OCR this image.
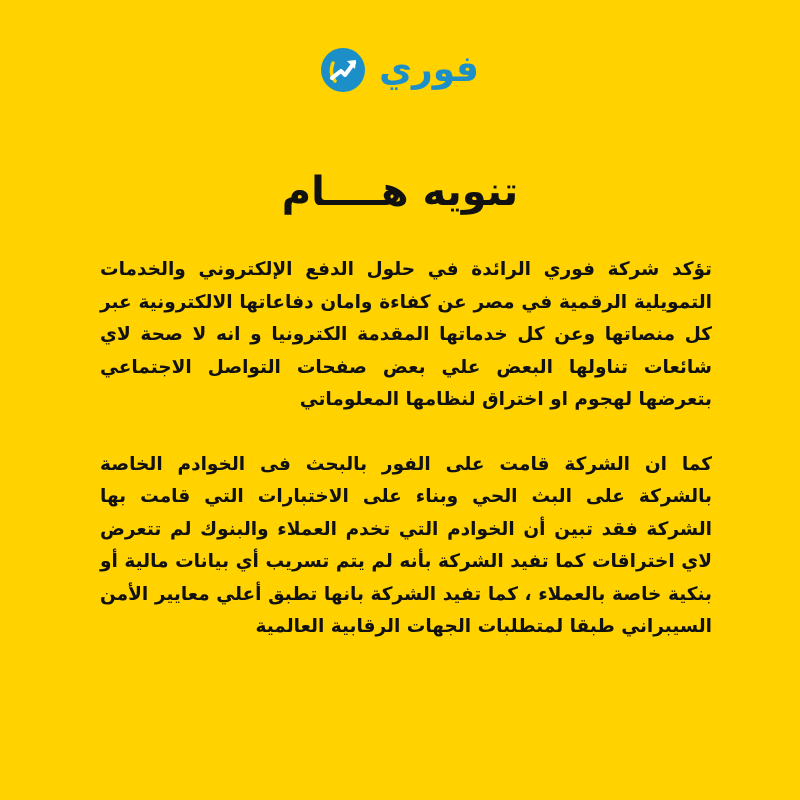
فوري
تنويه هــــام

تؤكد شركة فوري الرائدة في حلول الدفع الإلكتروني والخدمات التمويلية الرقمية في مصر عن كفاءة وامان دفاعاتها الالكترونية عبر كل منصاتها وعن كل خدماتها المقدمة الكترونيا و انه لا صحة لاي شائعات تناولها البعض علي بعض صفحات التواصل الاجتماعي بتعرضها لهجوم او اختراق لنظامها المعلوماتي

كما ان الشركة قامت على الفور بالبحث فى الخوادم الخاصة بالشركة على البث الحي وبناء على الاختبارات التي قامت بها الشركة فقد تبين أن الخوادم التي تخدم العملاء والبنوك لم تتعرض لاي اختراقات كما تفيد الشركة بأنه لم يتم تسريب أي بيانات مالية أو بنكية خاصة بالعملاء ، كما تفيد الشركة بانها تطبق أعلي معايير الأمن السيبراني طبقا لمتطلبات الجهات الرقابية العالمية
